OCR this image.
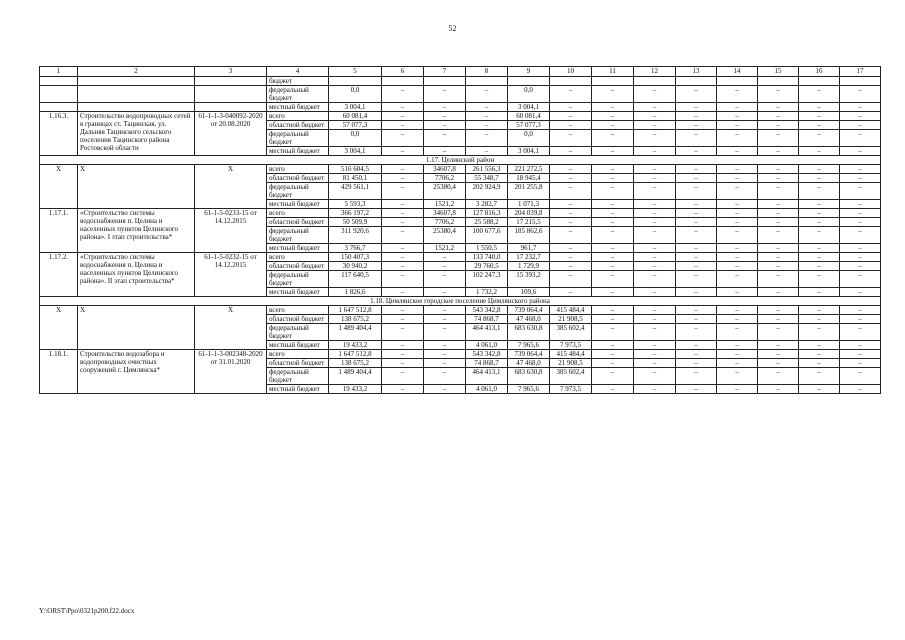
52
1	2	3	4	5	6	7	8	9	10	11	12	13	14	15	16	17
			бюджет													
			федеральный бюджет	0,0	–	–	–	0,0	–	–	–	–	–	–	–	–
			местный бюджет	3 004,1	–	–	–	3 004,1	–	–	–	–	–	–	–	–
1.16.3.	Строительство водопроводных сетей в границах ст. Тацинская, ул. Дальняя Тацинского сельского поселения Тацинского района Ростовской области	61-1-1-3-040092-2020 от 20.08.2020	всего	60 081,4	–	–	–	60 081,4	–	–	–	–	–	–	–	–
			областной бюджет	57 077,3	–	–	–	57 077,3	–	–	–	–	–	–	–	–
			федеральный бюджет	0,0	–	–	–	0,0	–	–	–	–	–	–	–	–
			местный бюджет	3 004,1	–	–	–	3 004,1	–	–	–	–	–	–	–	–
1.17. Целинский район																
Х	Х	Х	всего	516 604,5	–	34607,8	261 556,3	221 272,5	–	–	–	–	–	–	–	–
			областной бюджет	81 450,1	–	7706,2	55 348,7	18 945,4	–	–	–	–	–	–	–	–
			федеральный бюджет	429 561,1	–	25380,4	202 924,9	201 255,8	–	–	–	–	–	–	–	–
			местный бюджет	5 593,3	–	1521,2	3 282,7	1 071,3	–	–	–	–	–	–	–	–
1.17.1.	«Строительство системы водоснабжения п. Целина и населенных пунктов Целинского района». I этап строительства*	61-1-5-0233-15 от 14.12.2015	всего	366 197,2	–	34607,8	127 816,3	204 039,8	–	–	–	–	–	–	–	–
			областной бюджет	50 509,9	–	7706,2	25 588,2	17 215,5	–	–	–	–	–	–	–	–
			федеральный бюджет	311 920,6	–	25380,4	100 677,6	185 862,6	–	–	–	–	–	–	–	–
			местный бюджет	3 766,7	–	1521,2	1 550,5	961,7	–	–	–	–	–	–	–	–
1.17.2.	«Строительство системы водоснабжения п. Целина и населенных пунктов Целинского района». II этап строительства*	61-1-5-0232-15 от 14.12.2015	всего	150 407,3	–	–	133 740,0	17 232,7	–	–	–	–	–	–	–	–
			областной бюджет	30 940,2	–	–	29 760,5	1 729,9	–	–	–	–	–	–	–	–
			федеральный бюджет	117 640,5	–	–	102 247,3	15 393,2	–	–	–	–	–	–	–	–
			местный бюджет	1 826,6	–	–	1 732,2	109,6	–	–	–	–	–	–	–	–
1.18. Цимлянское городское поселение Цимлянского района																
Х	Х	Х	всего	1 647 512,8	–	–	543 342,8	739 064,4	415 484,4	–	–	–	–	–	–	–
			областной бюджет	138 675,2	–	–	74 868,7	47 468,0	21 908,5	–	–	–	–	–	–	–
			федеральный бюджет	1 489 404,4	–	–	464 413,1	683 630,8	385 602,4	–	–	–	–	–	–	–
			местный бюджет	19 433,2	–	–	4 061,0	7 965,6	7 973,5	–	–	–	–	–	–	–
1.18.1.	Строительство водозабора и водопроводных очистных сооружений г. Цимлянска*	61-1-1-3-002348-2020 от 31.01.2020	всего	1 647 512,8	–	–	543 342,8	739 064,4	415 484,4	–	–	–	–	–	–	–
			областной бюджет	138 675,2	–	–	74 868,7	47 468,0	21 908,5	–	–	–	–	–	–	–
			федеральный бюджет	1 489 404,4	–	–	464 413,1	683 630,8	385 602,4	–	–	–	–	–	–	–
			местный бюджет	19 433,2	–	–	4 061,0	7 965,6	7 973,5	–	–	–	–	–	–	–
Y:\ORST\Ppo\0321p200.f22.docx
